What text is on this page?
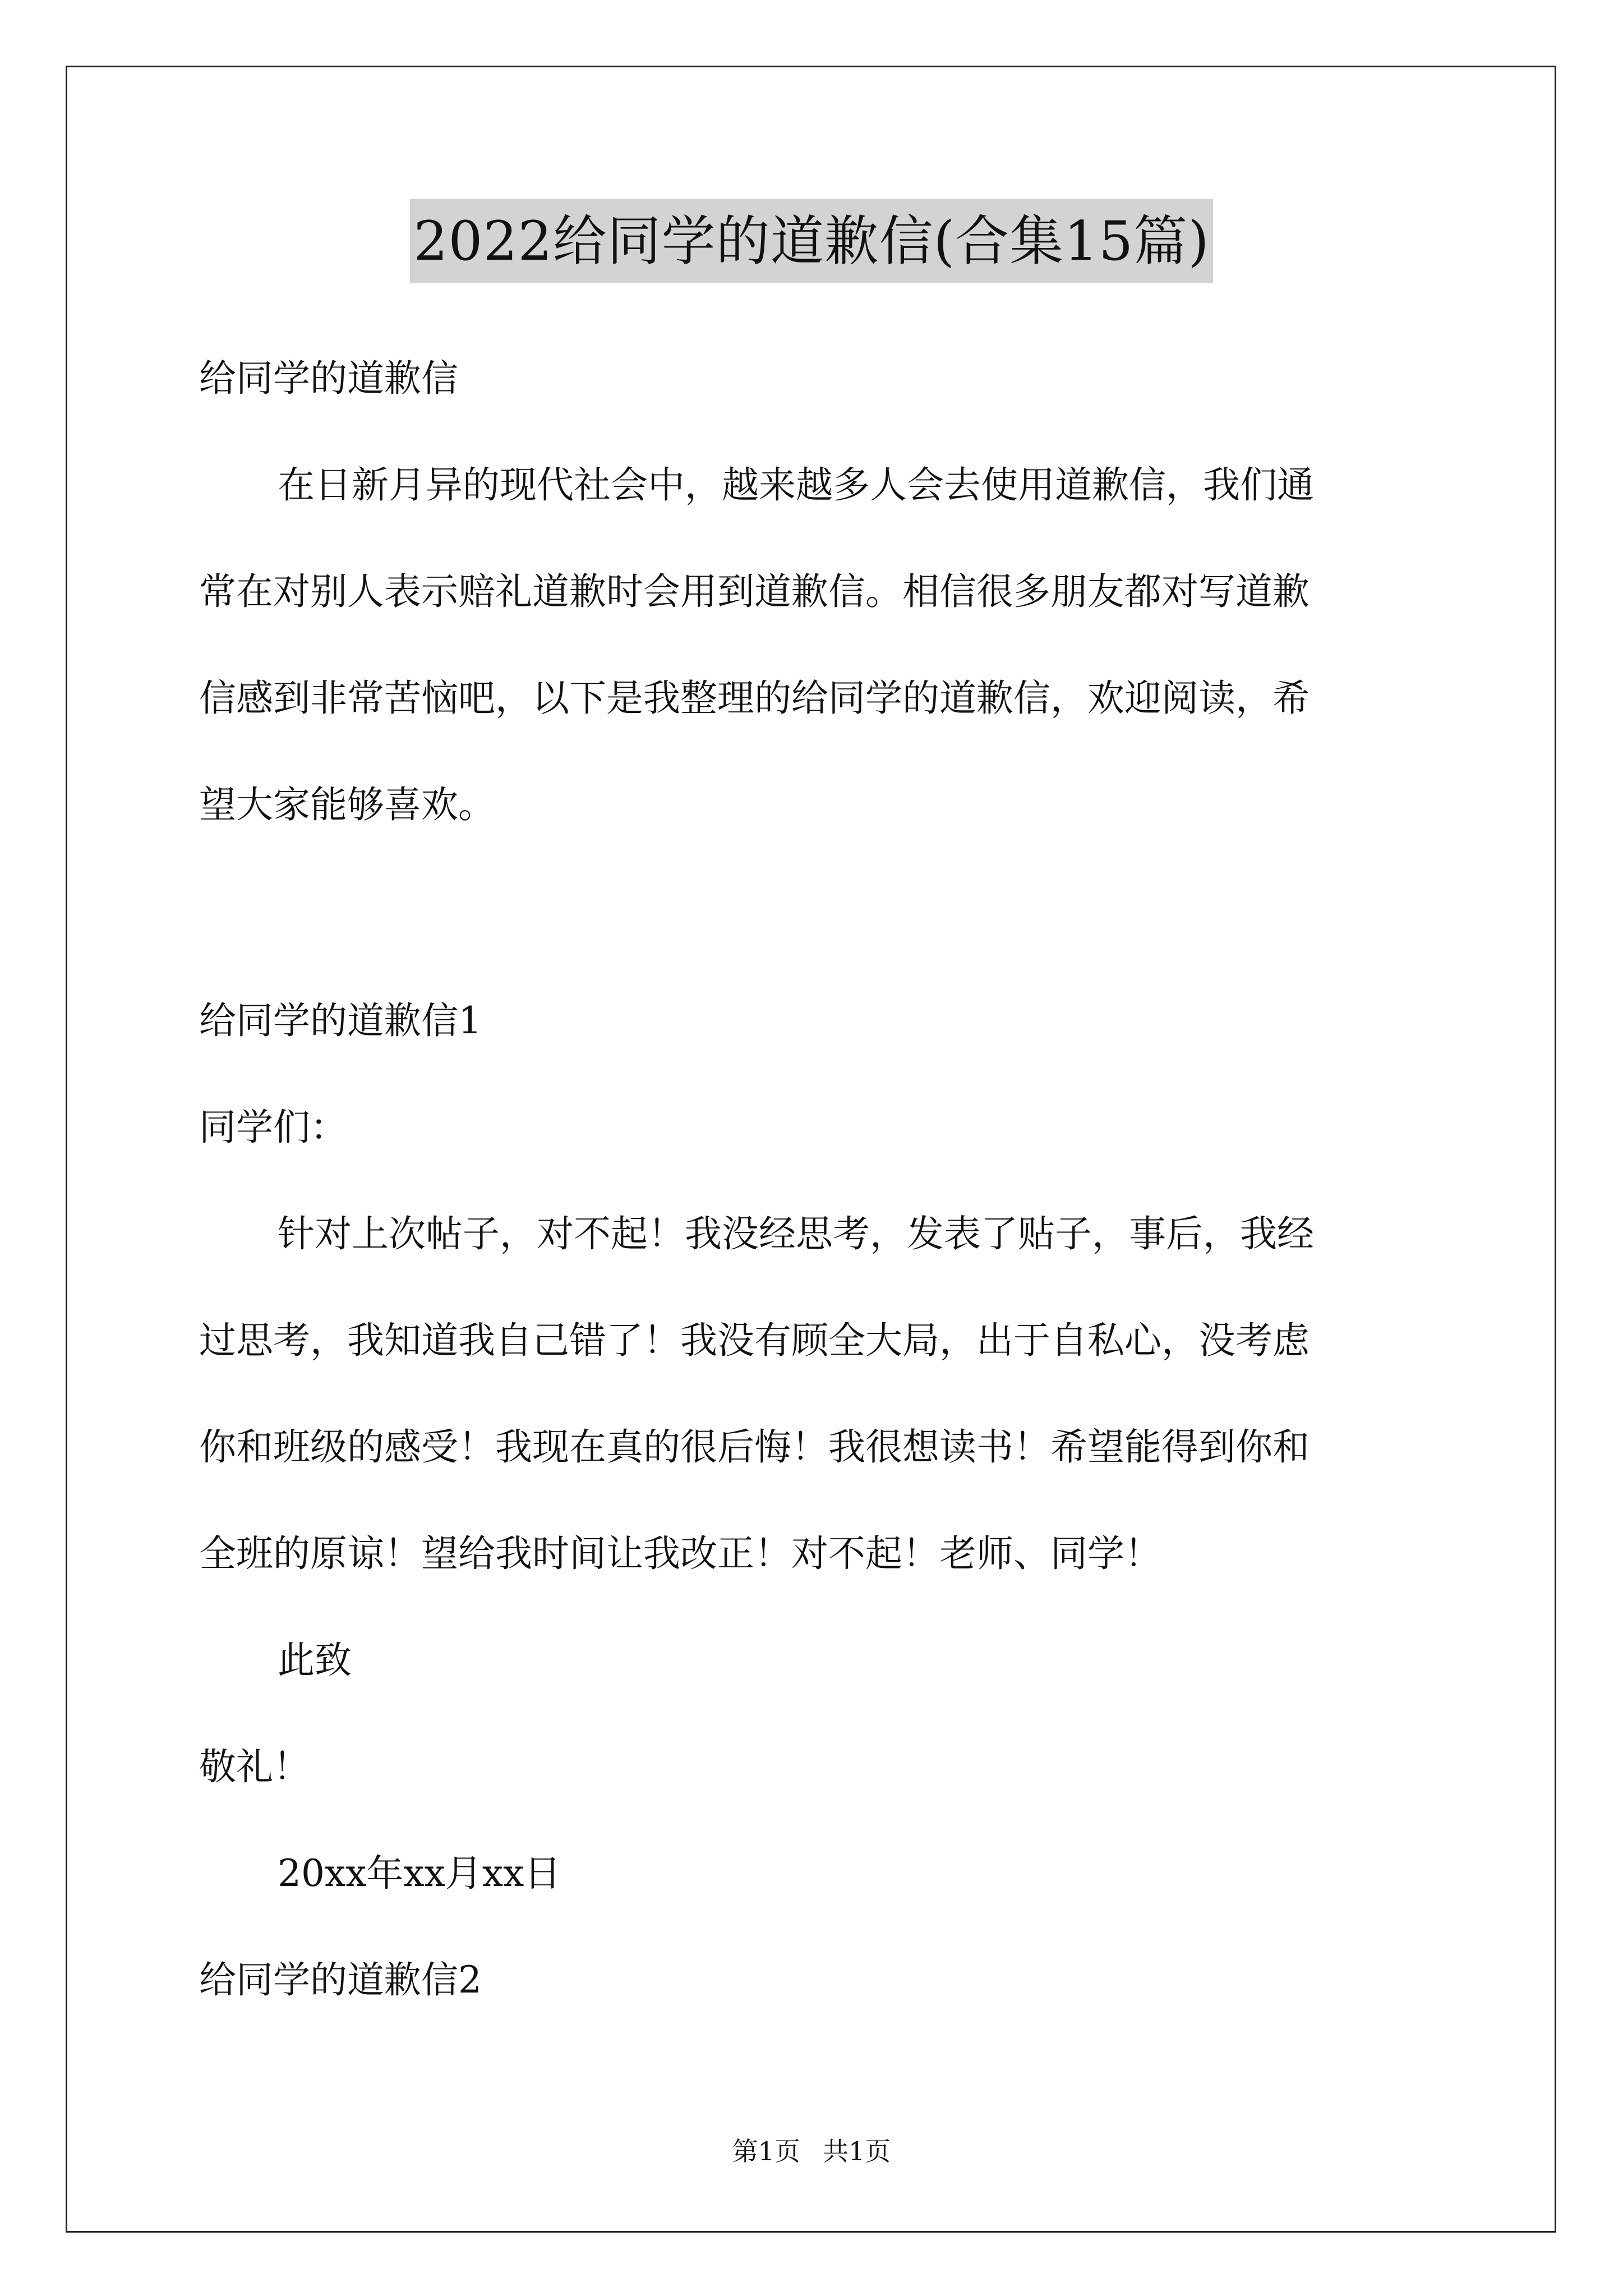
2022给同学的道歉信(合集15篇)
给同学的道歉信
在日新月异的现代社会中，越来越多人会去使用道歉信，我们通
常在对别人表示赔礼道歉时会用到道歉信。相信很多朋友都对写道歉
信感到非常苦恼吧，以下是我整理的给同学的道歉信，欢迎阅读，希
望大家能够喜欢。
给同学的道歉信1
同学们：
针对上次帖子，对不起！我没经思考，发表了贴子，事后，我经
过思考，我知道我自己错了！我没有顾全大局，出于自私心，没考虑
你和班级的感受！我现在真的很后悔！我很想读书！希望能得到你和
全班的原谅！望给我时间让我改正！对不起！老师、同学！
此致
敬礼！
20xx年xx月xx日
给同学的道歉信2
第1页 共1页
